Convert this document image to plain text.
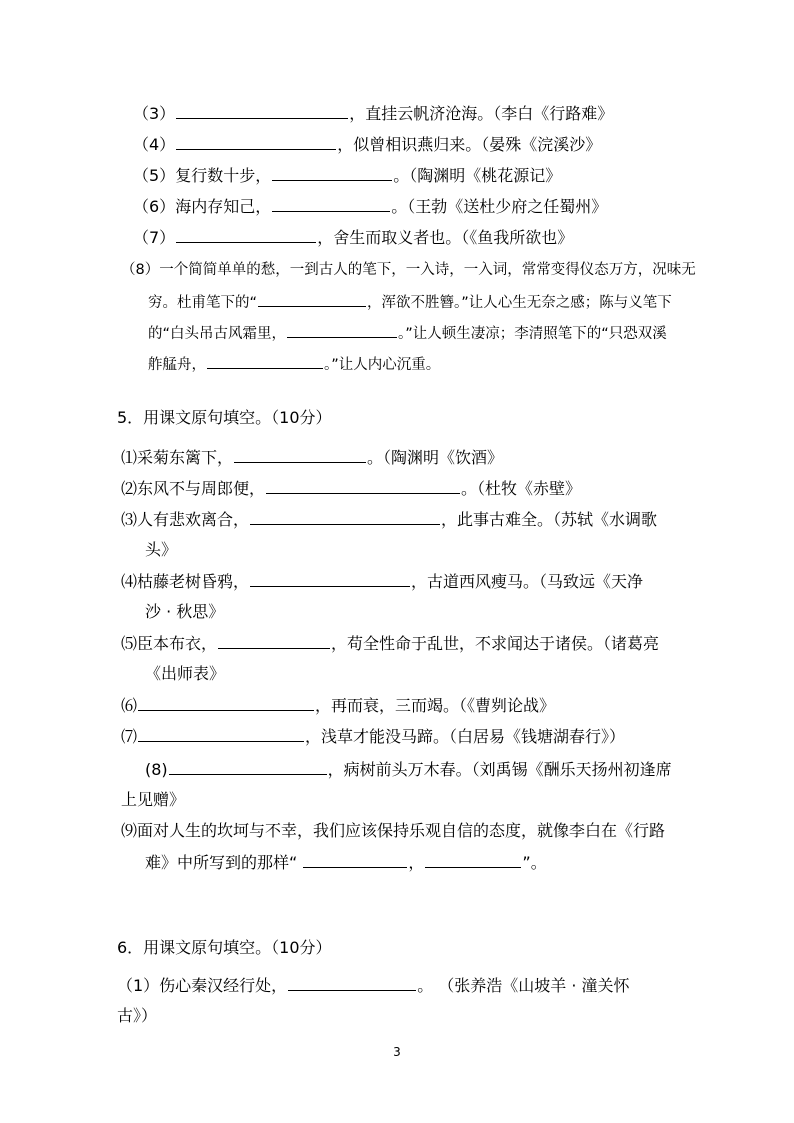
（3）	，直挂云帆济沧海。（李白《行路难》
（4）	，似曾相识燕归来。（晏殊《浣溪沙》
（5）复行数十步，	。（陶渊明《桃花源记》
（6）海内存知己，	。（王勃《送杜少府之任蜀州》
（7）	，舍生而取义者也。（《鱼我所欲也》
（8）一个简简单单的愁，一到古人的笔下，一入诗，一入词，常常变得仪态万方，况味无
穷。杜甫笔下的“	，浑欲不胜簪。”让人心生无奈之感；陈与义笔下
的“白头吊古风霜里，	。”让人顿生凄凉；李清照笔下的“只恐双溪
舴艋舟，	。”让人内心沉重。
5．用课文原句填空。（10分）
⑴采菊东篱下，	。（陶渊明《饮酒》
⑵东风不与周郎便，	。（杜牧《赤壁》
⑶人有悲欢离合，	，此事古难全。（苏轼《水调歌
头》
⑷枯藤老树昏鸦，	，古道西风瘦马。（马致远《天净
沙 · 秋思》
⑸臣本布衣，	，苟全性命于乱世，不求闻达于诸侯。（诸葛亮
《出师表》
⑹	，再而衰，三而竭。（《曹刿论战》
⑺	，浅草才能没马蹄。（白居易《钱塘湖春行》）
(8)	，病树前头万木春。（刘禹锡《酬乐天扬州初逢席
上见赠》
⑼面对人生的坎坷与不幸，我们应该保持乐观自信的态度，就像李白在《行路
难》中所写到的那样“	，	”。
6．用课文原句填空。（10分）
（1）伤心秦汉经行处，	。 （张养浩《山坡羊 · 潼关怀
古》）
3
